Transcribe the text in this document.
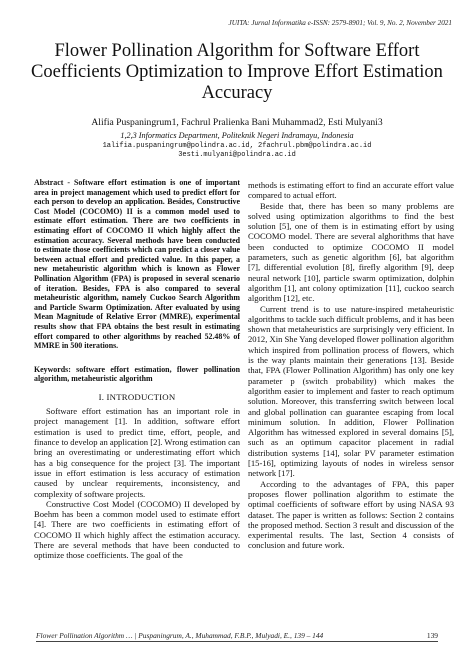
JUITA: Jurnal Informatika e-ISSN: 2579-8901; Vol. 9, No. 2, November 2021
Flower Pollination Algorithm for Software Effort Coefficients Optimization to Improve Effort Estimation Accuracy
Alifia Puspaningrum1, Fachrul Pralienka Bani Muhammad2, Esti Mulyani3
1,2,3 Informatics Department, Politeknik Negeri Indramayu, Indonesia
1alifia.puspaningrum@polindra.ac.id, 2fachrul.pbm@polindra.ac.id
3esti.mulyani@polindra.ac.id

Abstract - Software effort estimation is one of important area in project management which used to predict effort for each person to develop an application. Besides, Constructive Cost Model (COCOMO) II is a common model used to estimate effort estimation. There are two coefficients in estimating effort of COCOMO II which highly affect the estimation accuracy. Several methods have been conducted to estimate those coefficients which can predict a closer value between actual effort and predicted value. In this paper, a new metaheuristic algorithm which is known as Flower Pollination Algorithm (FPA) is proposed in several scenario of iteration. Besides, FPA is also compared to several metaheuristic algorithm, namely Cuckoo Search Algorithm and Particle Swarm Optimization. After evaluated by using Mean Magnitude of Relative Error (MMRE), experimental results show that FPA obtains the best result in estimating effort compared to other algorithms by reached 52.48% of MMRE in 500 iterations.

Keywords: software effort estimation, flower pollination algorithm, metaheuristic algorithm

I. INTRODUCTION

Software effort estimation has an important role in project management [1]. In addition, software effort estimation is used to predict time, effort, people, and finance to develop an application [2]. Wrong estimation can bring an overestimating or underestimating effort which has a big consequence for the project [3]. The important issue in effort estimation is less accuracy of estimation caused by unclear requirements, inconsistency, and complexity of software projects.

Constructive Cost Model (COCOMO) II developed by Boehm has been a common model used to estimate effort [4]. There are two coefficients in estimating effort of COCOMO II which highly affect the estimation accuracy. There are several methods that have been conducted to optimize those coefficients. The goal of the

methods is estimating effort to find an accurate effort value compared to actual effort.

Beside that, there has been so many problems are solved using optimization algorithms to find the best solution [5], one of them is in estimating effort by using COCOMO model. There are several alghorithms that have been conducted to optimize COCOMO II model parameters, such as genetic algorithm [6], bat algorithm [7], differential evolution [8], firefly algorithm [9], deep neural network [10], particle swarm optimization, dolphin algorithm [1], ant colony optimization [11], cuckoo search algorithm [12], etc.

Current trend is to use nature-inspired metaheuristic algorithms to tackle such difficult problems, and it has been shown that metaheuristics are surprisingly very efficient. In 2012, Xin She Yang developed flower pollination algorithm which inspired from pollination process of flowers, which is the way plants maintain their generations [13]. Beside that, FPA (Flower Pollination Algorithm) has only one key parameter p (switch probability) which makes the algorithm easier to implement and faster to reach optimum solution. Moreover, this transferring switch between local and global pollination can guarantee escaping from local minimum solution. In addition, Flower Pollination Algorithm has witnessed explored in several domains [5], such as an optimum capacitor placement in radial distribution systems [14], solar PV parameter estimation [15-16], optimizing layouts of nodes in wireless sensor network [17].

According to the advantages of FPA, this paper proposes flower pollination algorithm to estimate the optimal coefficients of software effort by using NASA 93 dataset. The paper is written as follows: Section 2 contains the proposed method. Section 3 result and discussion of the experimental results. The last, Section 4 consists of conclusion and future work.

Flower Pollination Algorithm … | Puspaningrum, A., Muhammad, F.B.P., Mulyadi, E., 139 – 144	139
